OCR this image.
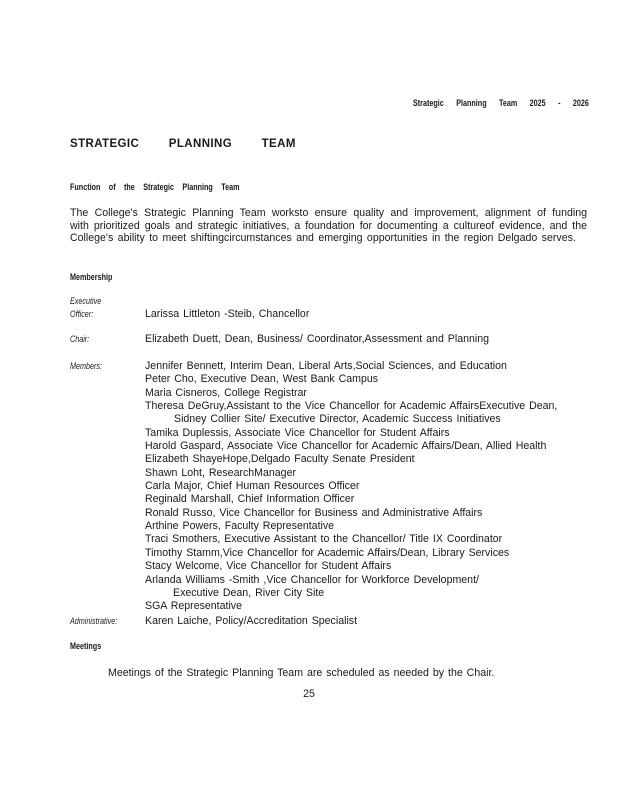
Strategic Planning Team 2025 - 2026
STRATEGIC PLANNING TEAM
Function of the Strategic Planning Team
The College's Strategic Planning Team worksto ensure quality and improvement, alignment of funding with prioritized goals and strategic initiatives, a foundation for documenting a cultureof evidence, and the College's ability to meet shiftingcircumstances and emerging opportunities in the region Delgado serves.
Membership
Executive
Officer:	Larissa Littleton -Steib, Chancellor
Chair:	Elizabeth Duett, Dean, Business/ Coordinator,Assessment and Planning
Members:	Jennifer Bennett, Interim Dean, Liberal Arts,Social Sciences, and Education
Peter Cho, Executive Dean, West Bank Campus
Maria Cisneros, College Registrar
Theresa DeGruy,Assistant to the Vice Chancellor for Academic AffairsExecutive Dean,
Sidney Collier Site/ Executive Director, Academic Success Initiatives
Tamika Duplessis, Associate Vice Chancellor for Student Affairs
Harold Gaspard, Associate Vice Chancellor for Academic Affairs/Dean, Allied Health
Elizabeth ShayeHope,Delgado Faculty Senate President
Shawn Loht, ResearchManager
Carla Major, Chief Human Resources Officer
Reginald Marshall, Chief Information Officer
Ronald Russo, Vice Chancellor for Business and Administrative Affairs
Arthine Powers, Faculty Representative
Traci Smothers, Executive Assistant to the Chancellor/ Title IX Coordinator
Timothy Stamm,Vice Chancellor for Academic Affairs/Dean, Library Services
Stacy Welcome, Vice Chancellor for Student Affairs
Arlanda Williams -Smith ,Vice Chancellor for Workforce Development/
Executive Dean, River City Site
SGA Representative
Administrative:	Karen Laiche, Policy/Accreditation Specialist
Meetings
Meetings of the Strategic Planning Team are scheduled as needed by the Chair.
25
